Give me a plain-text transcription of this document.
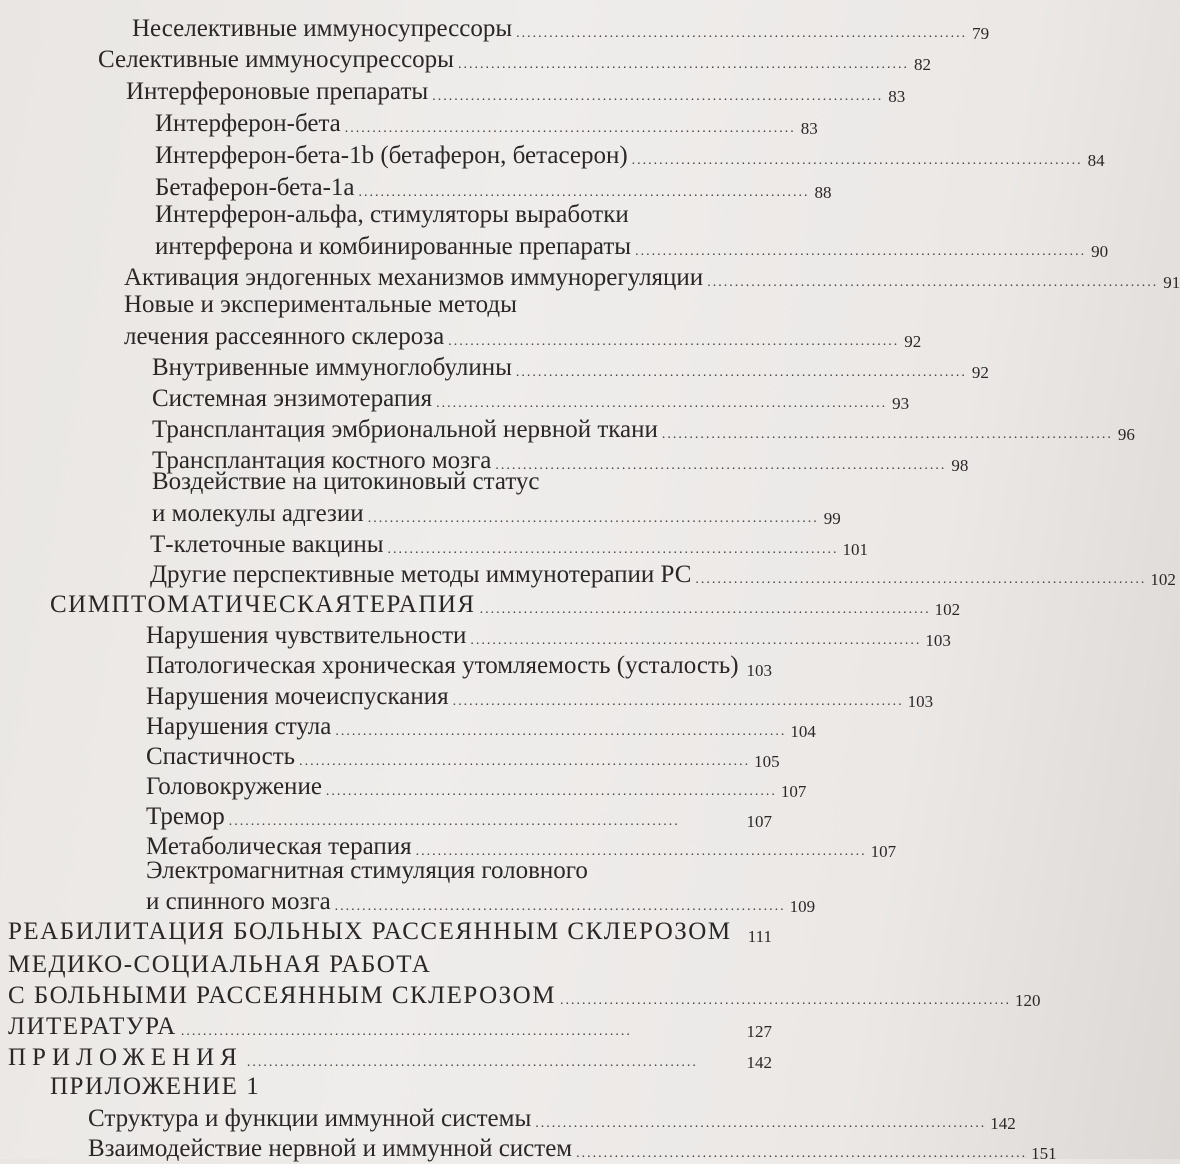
Неселективные иммуносупрессоры .................................................................................. 79
Селективные иммуносупрессоры .................................................................................. 82
Интерфероновые препараты .................................................................................. 83
Интерферон-бета .................................................................................. 83
Интерферон-бета-1b (бетаферон, бетасерон) .................................................................................. 84
Бетаферон-бета-1а .................................................................................. 88
Интерферон-альфа, стимуляторы выработки
интерферона и комбинированные препараты .................................................................................. 90
Активация эндогенных механизмов иммунорегуляции .................................................................................. 91
Новые и экспериментальные методы
лечения рассеянного склероза .................................................................................. 92
Внутривенные иммуноглобулины .................................................................................. 92
Системная энзимотерапия .................................................................................. 93
Трансплантация эмбриональной нервной ткани .................................................................................. 96
Трансплантация костного мозга .................................................................................. 98
Воздействие на цитокиновый статус
и молекулы адгезии .................................................................................. 99
Т-клеточные вакцины .................................................................................. 101
Другие перспективные методы иммунотерапии РС .................................................................................. 102
СИМПТОМАТИЧЕСКАЯТЕРАПИЯ .................................................................................. 102
Нарушения чувствительности .................................................................................. 103
Патологическая хроническая утомляемость (усталость) 103
Нарушения мочеиспускания .................................................................................. 103
Нарушения стула .................................................................................. 104
Спастичность .................................................................................. 105
Головокружение .................................................................................. 107
Тремор ..................................................................................	107
Метаболическая терапия .................................................................................. 107
Электромагнитная стимуляция головного
и спинного мозга .................................................................................. 109
РЕАБИЛИТАЦИЯ БОЛЬНЫХ РАССЕЯННЫМ СКЛЕРОЗОМ 111
МЕДИКО-СОЦИАЛЬНАЯ РАБОТА
С БОЛЬНЫМИ РАССЕЯННЫМ СКЛЕРОЗОМ .................................................................................. 120
ЛИТЕРАТУРА ..................................................................................	127
ПРИЛОЖЕНИЯ ..................................................................................	142
ПРИЛОЖЕНИЕ 1
Структура и функции иммунной системы .................................................................................. 142
Взаимодействие нервной и иммунной систем .................................................................................. 151
